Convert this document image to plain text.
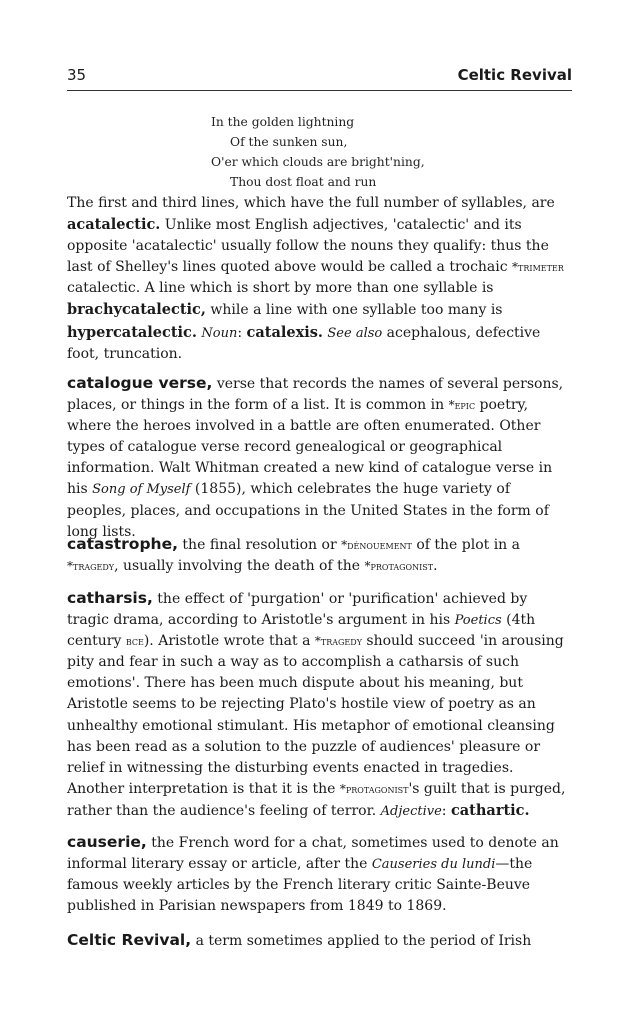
35	Celtic Revival
In the golden lightning
Of the sunken sun,
O'er which clouds are bright'ning,
Thou dost float and run

The first and third lines, which have the full number of syllables, are acatalectic. Unlike most English adjectives, 'catalectic' and its opposite 'acatalectic' usually follow the nouns they qualify: thus the last of Shelley's lines quoted above would be called a trochaic *trimeter catalectic. A line which is short by more than one syllable is brachycatalectic, while a line with one syllable too many is hypercatalectic. Noun: catalexis. See also acephalous, defective foot, truncation.

catalogue verse, verse that records the names of several persons, places, or things in the form of a list. It is common in *epic poetry, where the heroes involved in a battle are often enumerated. Other types of catalogue verse record genealogical or geographical information. Walt Whitman created a new kind of catalogue verse in his Song of Myself (1855), which celebrates the huge variety of peoples, places, and occupations in the United States in the form of long lists.

catastrophe, the final resolution or *dénouement of the plot in a *tragedy, usually involving the death of the *protagonist.

catharsis, the effect of 'purgation' or 'purification' achieved by tragic drama, according to Aristotle's argument in his Poetics (4th century bce). Aristotle wrote that a *tragedy should succeed 'in arousing pity and fear in such a way as to accomplish a catharsis of such emotions'. There has been much dispute about his meaning, but Aristotle seems to be rejecting Plato's hostile view of poetry as an unhealthy emotional stimulant. His metaphor of emotional cleansing has been read as a solution to the puzzle of audiences' pleasure or relief in witnessing the disturbing events enacted in tragedies. Another interpretation is that it is the *protagonist's guilt that is purged, rather than the audience's feeling of terror. Adjective: cathartic.

causerie, the French word for a chat, sometimes used to denote an informal literary essay or article, after the Causeries du lundi—the famous weekly articles by the French literary critic Sainte-Beuve published in Parisian newspapers from 1849 to 1869.

Celtic Revival, a term sometimes applied to the period of Irish
